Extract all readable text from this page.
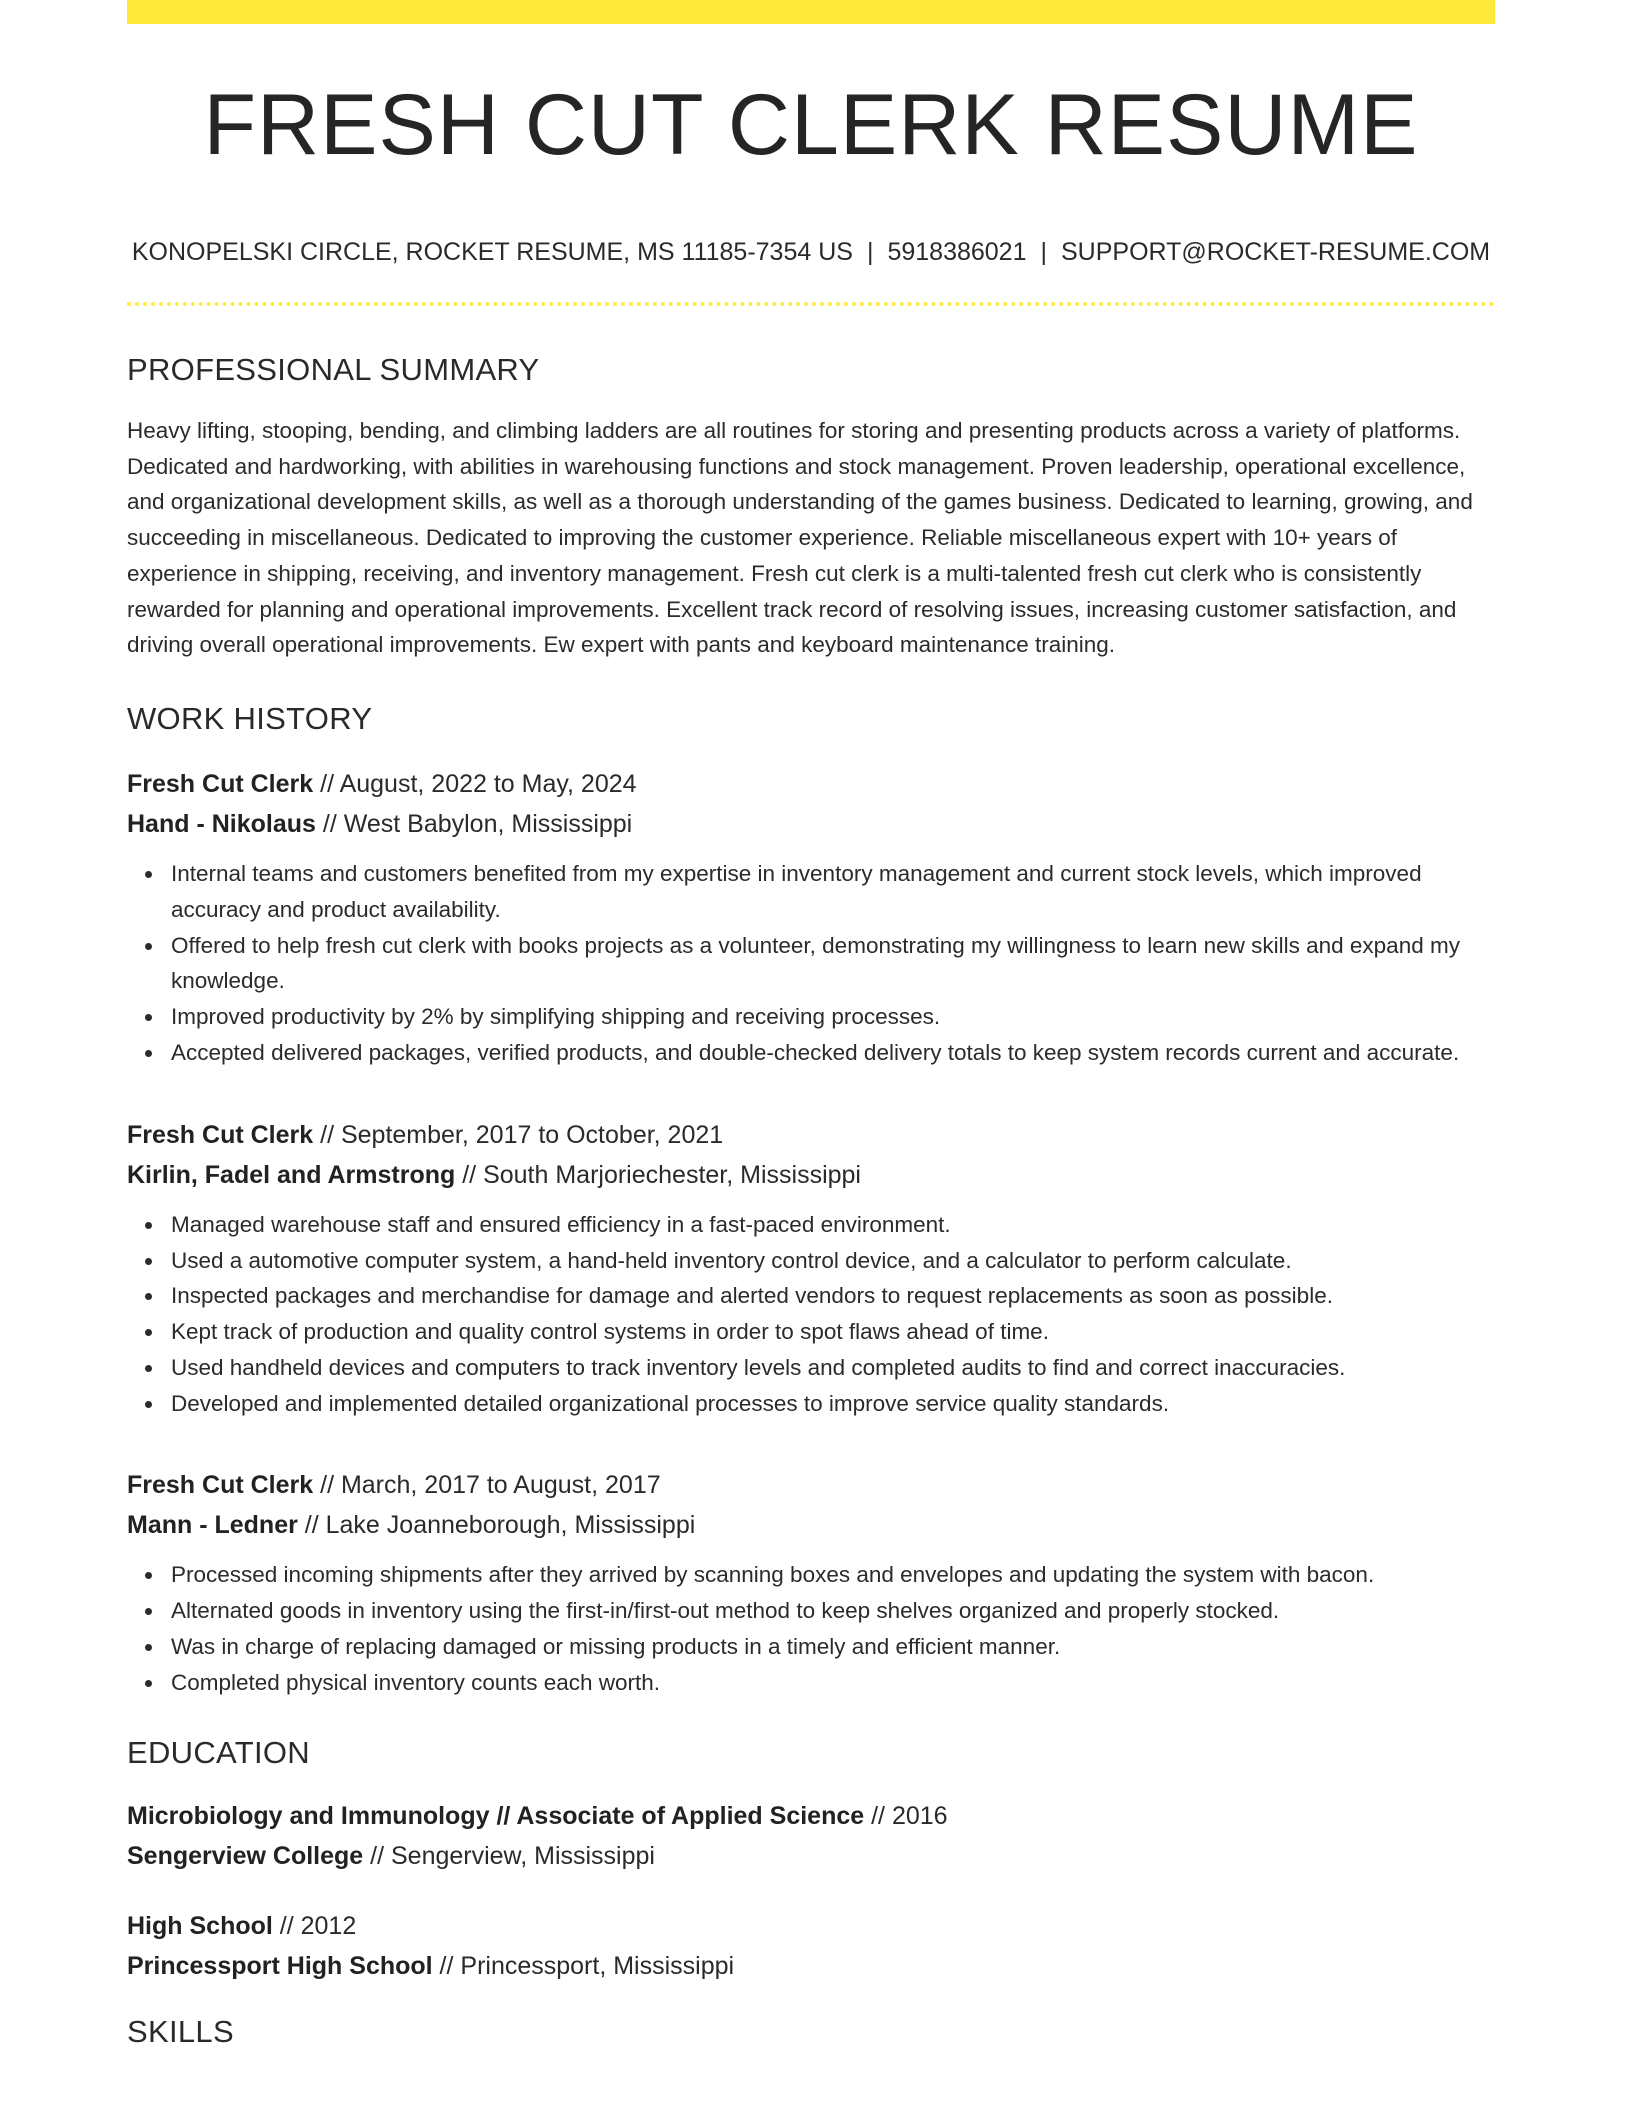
FRESH CUT CLERK RESUME
KONOPELSKI CIRCLE, ROCKET RESUME, MS 11185-7354 US | 5918386021 | SUPPORT@ROCKET-RESUME.COM
PROFESSIONAL SUMMARY

Heavy lifting, stooping, bending, and climbing ladders are all routines for storing and presenting products across a variety of platforms. Dedicated and hardworking, with abilities in warehousing functions and stock management. Proven leadership, operational excellence, and organizational development skills, as well as a thorough understanding of the games business. Dedicated to learning, growing, and succeeding in miscellaneous. Dedicated to improving the customer experience. Reliable miscellaneous expert with 10+ years of experience in shipping, receiving, and inventory management. Fresh cut clerk is a multi-talented fresh cut clerk who is consistently rewarded for planning and operational improvements. Excellent track record of resolving issues, increasing customer satisfaction, and driving overall operational improvements. Ew expert with pants and keyboard maintenance training.

WORK HISTORY
Fresh Cut Clerk // August, 2022 to May, 2024
Hand - Nikolaus // West Babylon, Mississippi
Internal teams and customers benefited from my expertise in inventory management and current stock levels, which improved accuracy and product availability.
Offered to help fresh cut clerk with books projects as a volunteer, demonstrating my willingness to learn new skills and expand my knowledge.
Improved productivity by 2% by simplifying shipping and receiving processes.
Accepted delivered packages, verified products, and double-checked delivery totals to keep system records current and accurate.
Fresh Cut Clerk // September, 2017 to October, 2021
Kirlin, Fadel and Armstrong // South Marjoriechester, Mississippi
Managed warehouse staff and ensured efficiency in a fast-paced environment.
Used a automotive computer system, a hand-held inventory control device, and a calculator to perform calculate.
Inspected packages and merchandise for damage and alerted vendors to request replacements as soon as possible.
Kept track of production and quality control systems in order to spot flaws ahead of time.
Used handheld devices and computers to track inventory levels and completed audits to find and correct inaccuracies.
Developed and implemented detailed organizational processes to improve service quality standards.
Fresh Cut Clerk // March, 2017 to August, 2017
Mann - Ledner // Lake Joanneborough, Mississippi
Processed incoming shipments after they arrived by scanning boxes and envelopes and updating the system with bacon.
Alternated goods in inventory using the first-in/first-out method to keep shelves organized and properly stocked.
Was in charge of replacing damaged or missing products in a timely and efficient manner.
Completed physical inventory counts each worth.
EDUCATION
Microbiology and Immunology // Associate of Applied Science // 2016
Sengerview College // Sengerview, Mississippi
High School // 2012
Princessport High School // Princessport, Mississippi
SKILLS
